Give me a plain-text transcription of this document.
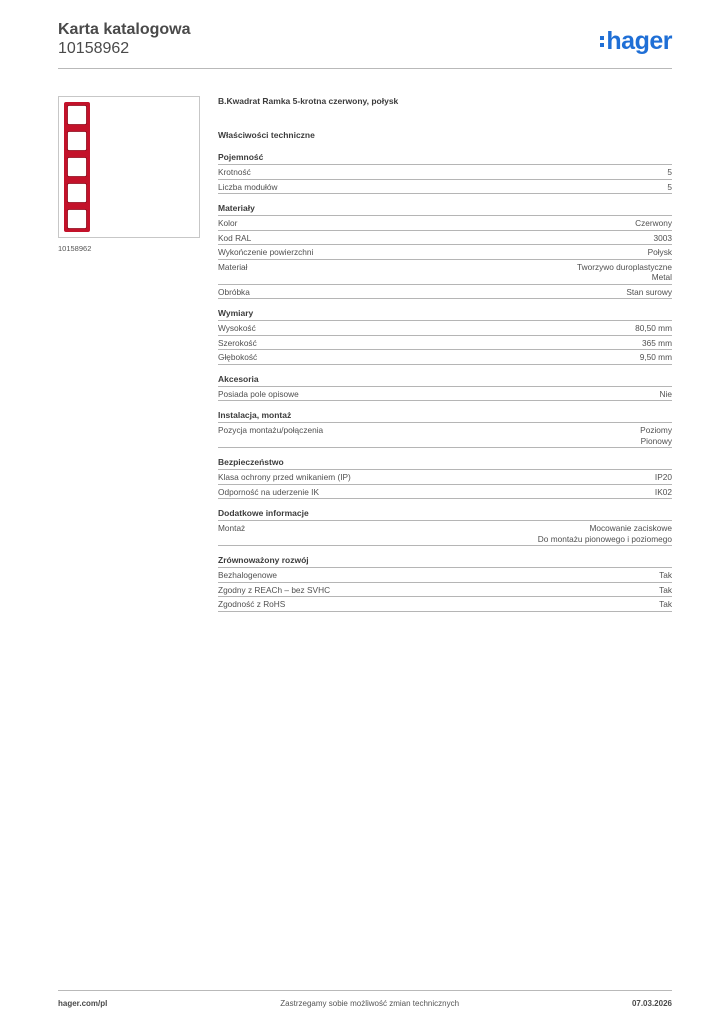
Karta katalogowa
10158962	hager
10158962
B.Kwadrat Ramka 5-krotna czerwony, połysk
Właściwości techniczne
Pojemność
Krotność	5
Liczba modułów	5
Materiały
Kolor	Czerwony
Kod RAL	3003
Wykończenie powierzchni	Połysk
Materiał	Tworzywo duroplastyczne
Metal
Obróbka	Stan surowy
Wymiary
Wysokość	80,50 mm
Szerokość	365 mm
Głębokość	9,50 mm
Akcesoria
Posiada pole opisowe	Nie
Instalacja, montaż
Pozycja montażu/połączenia	Poziomy
Pionowy
Bezpieczeństwo
Klasa ochrony przed wnikaniem (IP)	IP20
Odporność na uderzenie IK	IK02
Dodatkowe informacje
Montaż	Mocowanie zaciskowe
Do montażu pionowego i poziomego
Zrównoważony rozwój
Bezhalogenowe	Tak
Zgodny z REACh – bez SVHC	Tak
Zgodność z RoHS	Tak
hager.com/pl	Zastrzegamy sobie możliwość zmian technicznych	07.03.2026
